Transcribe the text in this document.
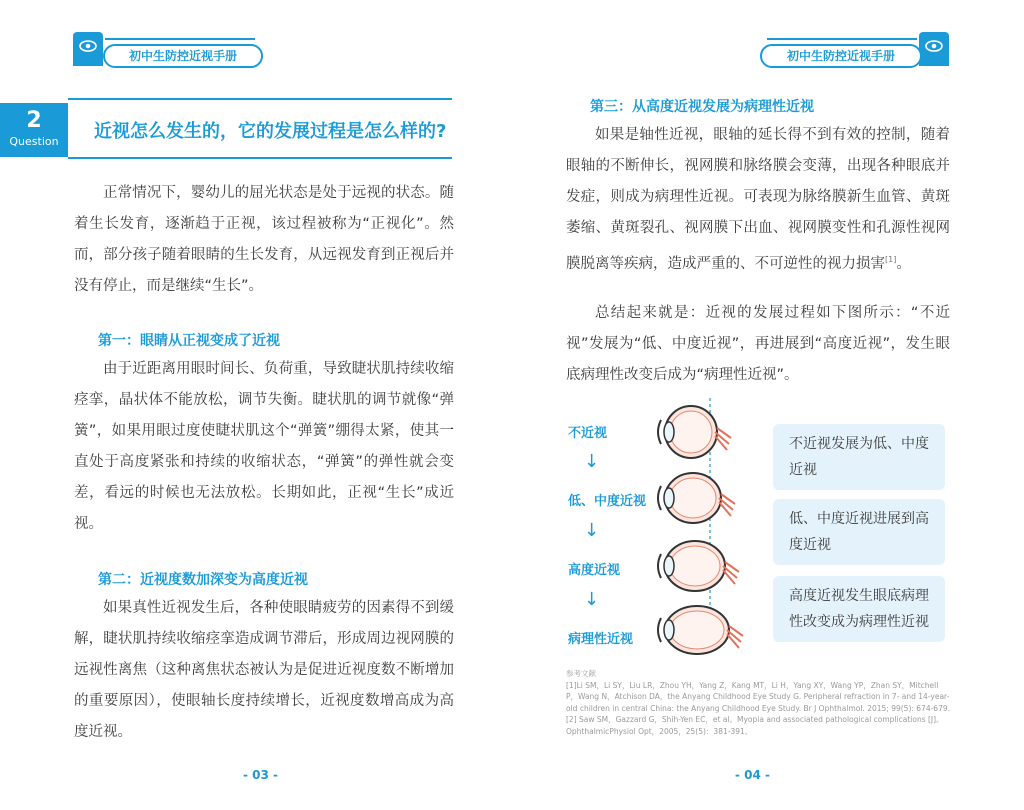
初中生防控近视手册	初中生防控近视手册
2
Question	近视怎么发生的，它的发展过程是怎么样的?
正常情况下，婴幼儿的屈光状态是处于远视的状态。随着生长发育，逐渐趋于正视，该过程被称为“正视化”。然而，部分孩子随着眼睛的生长发育，从远视发育到正视后并没有停止，而是继续“生长”。
第一：眼睛从正视变成了近视
由于近距离用眼时间长、负荷重，导致睫状肌持续收缩痉挛，晶状体不能放松，调节失衡。睫状肌的调节就像“弹簧”，如果用眼过度使睫状肌这个“弹簧”绷得太紧，使其一直处于高度紧张和持续的收缩状态，“弹簧”的弹性就会变差，看远的时候也无法放松。长期如此，正视“生长”成近视。
第二：近视度数加深变为高度近视
如果真性近视发生后，各种使眼睛疲劳的因素得不到缓解，睫状肌持续收缩痉挛造成调节滞后，形成周边视网膜的远视性离焦（这种离焦状态被认为是促进近视度数不断增加的重要原因），使眼轴长度持续增长，近视度数增高成为高度近视。
- 03 -
第三：从高度近视发展为病理性近视
如果是轴性近视，眼轴的延长得不到有效的控制，随着眼轴的不断伸长，视网膜和脉络膜会变薄，出现各种眼底并发症，则成为病理性近视。可表现为脉络膜新生血管、黄斑萎缩、黄斑裂孔、视网膜下出血、视网膜变性和孔源性视网膜脱离等疾病，造成严重的、不可逆性的视力损害[1]。
总结起来就是：近视的发展过程如下图所示：“不近视”发展为“低、中度近视”，再进展到“高度近视”，发生眼底病理性改变后成为“病理性近视”。
不近视
↓
低、中度近视
↓
高度近视
↓
病理性近视
不近视发展为低、中度近视
低、中度近视进展到高度近视
高度近视发生眼底病理性改变成为病理性近视
参考文献
[1]Li SM，Li SY，Liu LR，Zhou YH，Yang Z，Kang MT，Li H，Yang XY，Wang YP，Zhan SY，Mitchell P，Wang N，Atchison DA，the Anyang Childhood Eye Study G. Peripheral refraction in 7- and 14-year-old children in central China: the Anyang Childhood Eye Study. Br J Ophthalmol. 2015; 99(5): 674-679.
[2] Saw SM，Gazzard G，Shih-Yen EC，et al。Myopia and associated pathological complications [J]。OphthalmicPhysiol Opt，2005，25(5)：381-391。
- 04 -
